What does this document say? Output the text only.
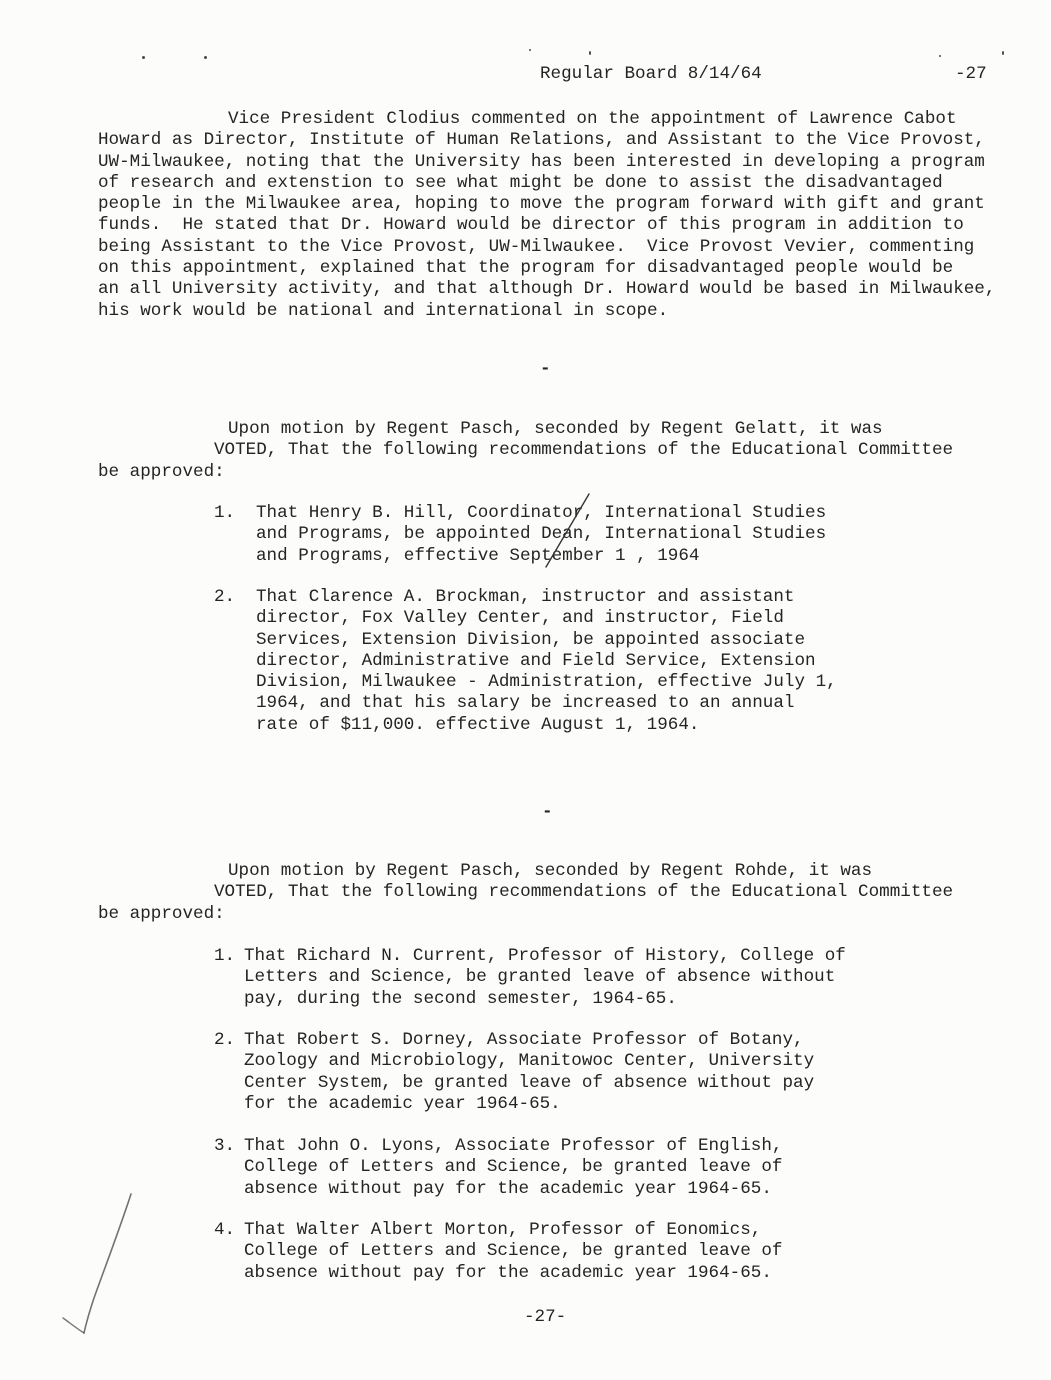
Regular Board 8/14/64	-27
Vice President Clodius commented on the appointment of Lawrence Cabot
Howard as Director, Institute of Human Relations, and Assistant to the Vice Provost,
UW-Milwaukee, noting that the University has been interested in developing a program
of research and extenstion to see what might be done to assist the disadvantaged
people in the Milwaukee area, hoping to move the program forward with gift and grant
funds.  He stated that Dr. Howard would be director of this program in addition to
being Assistant to the Vice Provost, UW-Milwaukee.  Vice Provost Vevier, commenting
on this appointment, explained that the program for disadvantaged people would be
an all University activity, and that although Dr. Howard would be based in Milwaukee,
his work would be national and international in scope.
-
Upon motion by Regent Pasch, seconded by Regent Gelatt, it was
VOTED, That the following recommendations of the Educational Committee
be approved:
1. That Henry B. Hill, Coordinator, International Studies
and Programs, be appointed Dean, International Studies
and Programs, effective September 1 , 1964
2. That Clarence A. Brockman, instructor and assistant
director, Fox Valley Center, and instructor, Field
Services, Extension Division, be appointed associate
director, Administrative and Field Service, Extension
Division, Milwaukee - Administration, effective July 1,
1964, and that his salary be increased to an annual
rate of $11,000. effective August 1, 1964.
-
Upon motion by Regent Pasch, seconded by Regent Rohde, it was
VOTED, That the following recommendations of the Educational Committee
be approved:
1. That Richard N. Current, Professor of History, College of
Letters and Science, be granted leave of absence without
pay, during the second semester, 1964-65.
2. That Robert S. Dorney, Associate Professor of Botany,
Zoology and Microbiology, Manitowoc Center, University
Center System, be granted leave of absence without pay
for the academic year 1964-65.
3. That John O. Lyons, Associate Professor of English,
College of Letters and Science, be granted leave of
absence without pay for the academic year 1964-65.
4. That Walter Albert Morton, Professor of Eonomics,
College of Letters and Science, be granted leave of
absence without pay for the academic year 1964-65.
-27-
